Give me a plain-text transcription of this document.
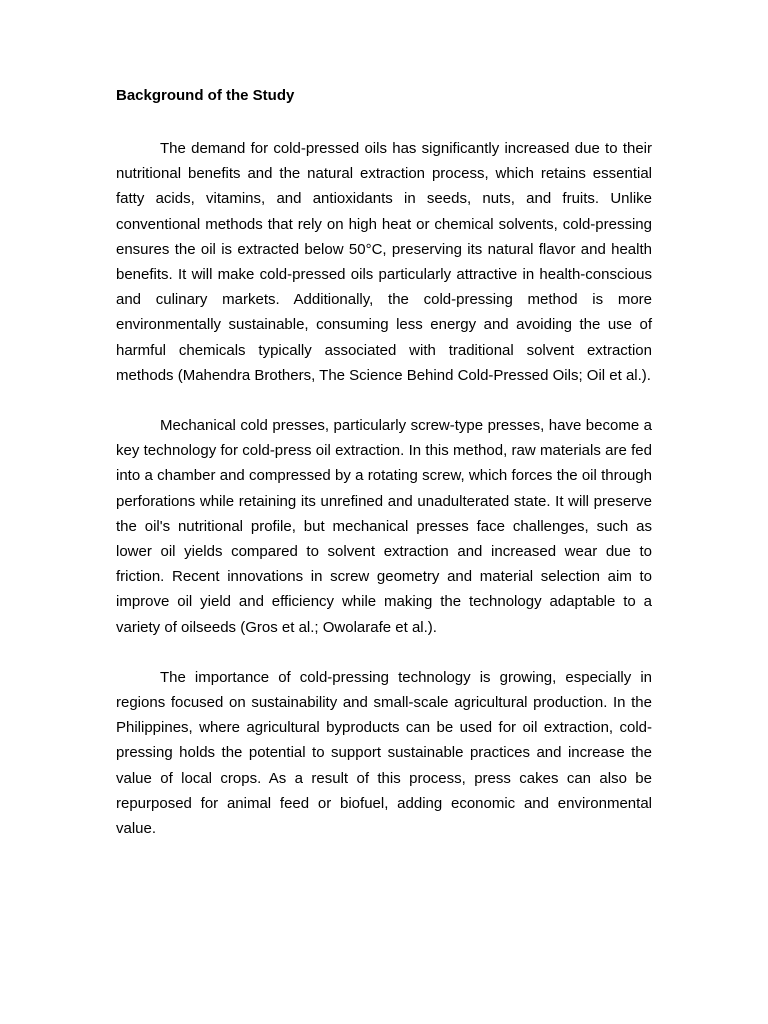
Background of the Study

The demand for cold-pressed oils has significantly increased due to their nutritional benefits and the natural extraction process, which retains essential fatty acids, vitamins, and antioxidants in seeds, nuts, and fruits. Unlike conventional methods that rely on high heat or chemical solvents, cold-pressing ensures the oil is extracted below 50°C, preserving its natural flavor and health benefits. It will make cold-pressed oils particularly attractive in health-conscious and culinary markets. Additionally, the cold-pressing method is more environmentally sustainable, consuming less energy and avoiding the use of harmful chemicals typically associated with traditional solvent extraction methods (Mahendra Brothers, The Science Behind Cold-Pressed Oils; Oil et al.).

Mechanical cold presses, particularly screw-type presses, have become a key technology for cold-press oil extraction. In this method, raw materials are fed into a chamber and compressed by a rotating screw, which forces the oil through perforations while retaining its unrefined and unadulterated state. It will preserve the oil's nutritional profile, but mechanical presses face challenges, such as lower oil yields compared to solvent extraction and increased wear due to friction. Recent innovations in screw geometry and material selection aim to improve oil yield and efficiency while making the technology adaptable to a variety of oilseeds (Gros et al.; Owolarafe et al.).

The importance of cold-pressing technology is growing, especially in regions focused on sustainability and small-scale agricultural production. In the Philippines, where agricultural byproducts can be used for oil extraction, cold-pressing holds the potential to support sustainable practices and increase the value of local crops. As a result of this process, press cakes can also be repurposed for animal feed or biofuel, adding economic and environmental value.
